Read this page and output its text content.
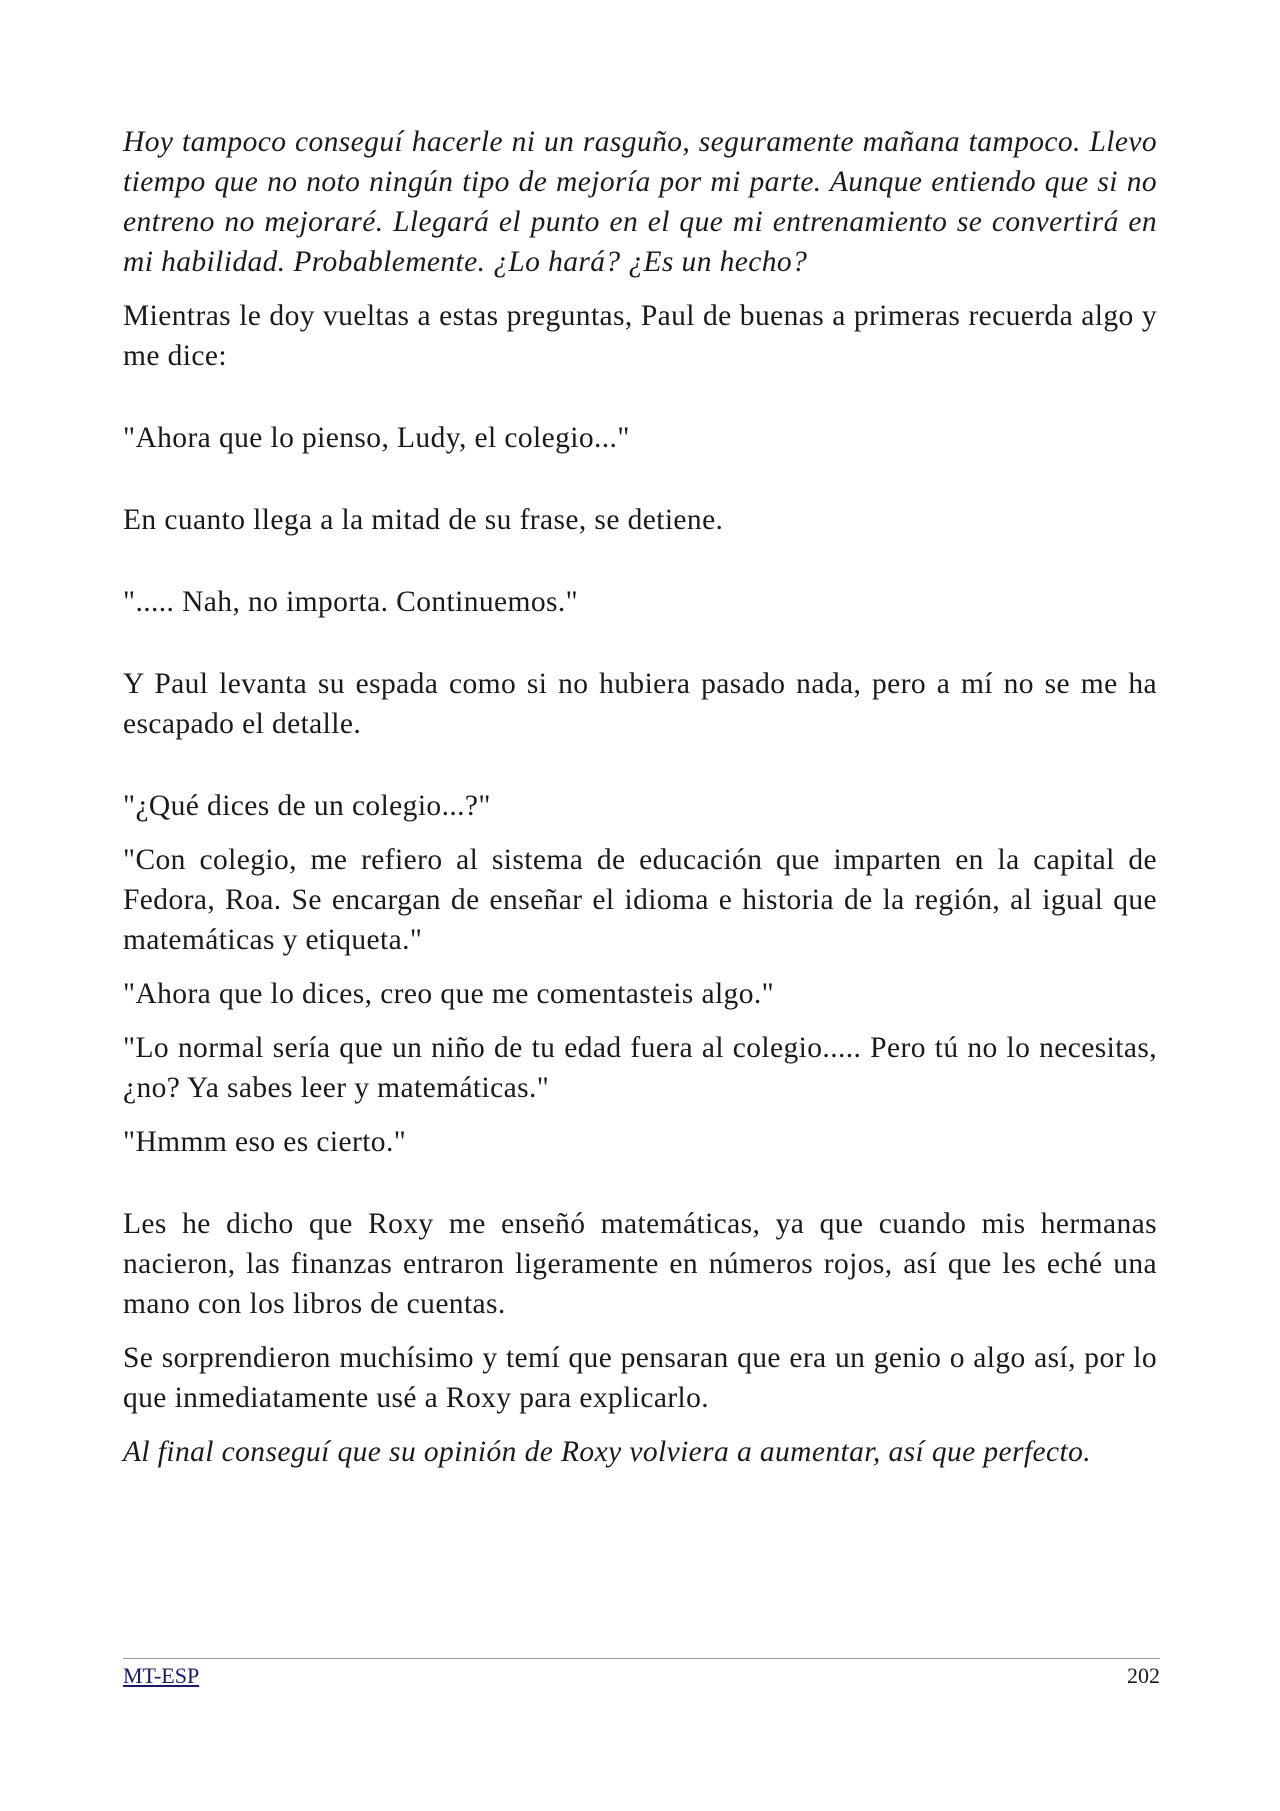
Hoy tampoco conseguí hacerle ni un rasguño, seguramente mañana tampoco. Llevo tiempo que no noto ningún tipo de mejoría por mi parte. Aunque entiendo que si no entreno no mejoraré. Llegará el punto en el que mi entrenamiento se convertirá en mi habilidad. Probablemente. ¿Lo hará? ¿Es un hecho?

Mientras le doy vueltas a estas preguntas, Paul de buenas a primeras recuerda algo y me dice:

"Ahora que lo pienso, Ludy, el colegio..."

En cuanto llega a la mitad de su frase, se detiene.

"..... Nah, no importa. Continuemos."

Y Paul levanta su espada como si no hubiera pasado nada, pero a mí no se me ha escapado el detalle.

"¿Qué dices de un colegio...?"

"Con colegio, me refiero al sistema de educación que imparten en la capital de Fedora, Roa. Se encargan de enseñar el idioma e historia de la región, al igual que matemáticas y etiqueta."

"Ahora que lo dices, creo que me comentasteis algo."

"Lo normal sería que un niño de tu edad fuera al colegio..... Pero tú no lo necesitas, ¿no? Ya sabes leer y matemáticas."

"Hmmm eso es cierto."

Les he dicho que Roxy me enseñó matemáticas, ya que cuando mis hermanas nacieron, las finanzas entraron ligeramente en números rojos, así que les eché una mano con los libros de cuentas.

Se sorprendieron muchísimo y temí que pensaran que era un genio o algo así, por lo que inmediatamente usé a Roxy para explicarlo.

Al final conseguí que su opinión de Roxy volviera a aumentar, así que perfecto.

MT-ESP	202
